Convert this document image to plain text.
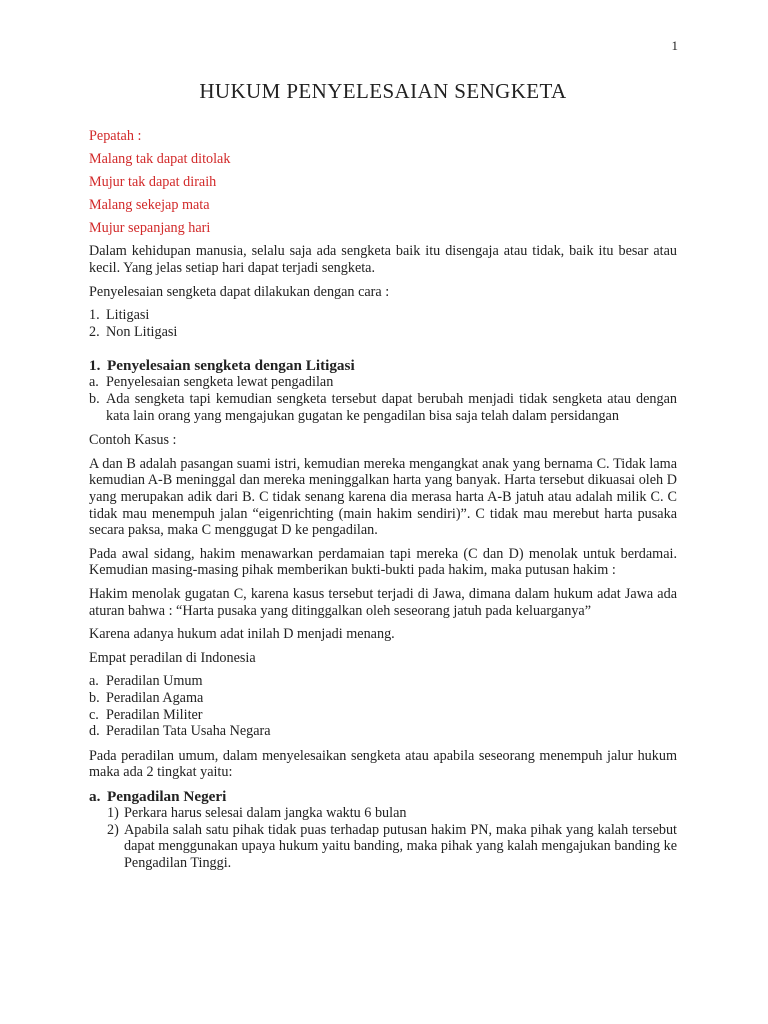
1
HUKUM PENYELESAIAN SENGKETA

Pepatah :

Malang tak dapat ditolak

Mujur tak dapat diraih

Malang sekejap mata

Mujur sepanjang hari

Dalam kehidupan manusia, selalu saja ada sengketa baik itu disengaja atau tidak, baik itu besar atau kecil. Yang jelas setiap hari dapat terjadi sengketa.

Penyelesaian sengketa dapat dilakukan dengan cara :

1. Litigasi
2. Non Litigasi
1. Penyelesaian sengketa dengan Litigasi
a. Penyelesaian sengketa lewat pengadilan
b. Ada sengketa tapi kemudian sengketa tersebut dapat berubah menjadi tidak sengketa atau dengan kata lain orang yang mengajukan gugatan ke pengadilan bisa saja telah dalam persidangan

Contoh Kasus :

A dan B adalah pasangan suami istri, kemudian mereka mengangkat anak yang bernama C. Tidak lama kemudian A-B meninggal dan mereka meninggalkan harta yang banyak. Harta tersebut dikuasai oleh D yang merupakan adik dari B. C tidak senang karena dia merasa harta A-B jatuh atau adalah milik C. C tidak mau menempuh jalan “eigenrichting (main hakim sendiri)”. C tidak mau merebut harta pusaka secara paksa, maka C menggugat D ke pengadilan.

Pada awal sidang, hakim menawarkan perdamaian tapi mereka (C dan D) menolak untuk berdamai. Kemudian masing-masing pihak memberikan bukti-bukti pada hakim, maka putusan hakim :

Hakim menolak gugatan C, karena kasus tersebut terjadi di Jawa, dimana dalam hukum adat Jawa ada aturan bahwa : “Harta pusaka yang ditinggalkan oleh seseorang jatuh pada keluarganya”

Karena adanya hukum adat inilah D menjadi menang.

Empat peradilan di Indonesia

a. Peradilan Umum
b. Peradilan Agama
c. Peradilan Militer
d. Peradilan Tata Usaha Negara

Pada peradilan umum, dalam menyelesaikan sengketa atau apabila seseorang menempuh jalur hukum maka ada 2 tingkat yaitu:

a. Pengadilan Negeri
1) Perkara harus selesai dalam jangka waktu 6 bulan
2) Apabila salah satu pihak tidak puas terhadap putusan hakim PN, maka pihak yang kalah tersebut dapat menggunakan upaya hukum yaitu banding, maka pihak yang kalah mengajukan banding ke Pengadilan Tinggi.
